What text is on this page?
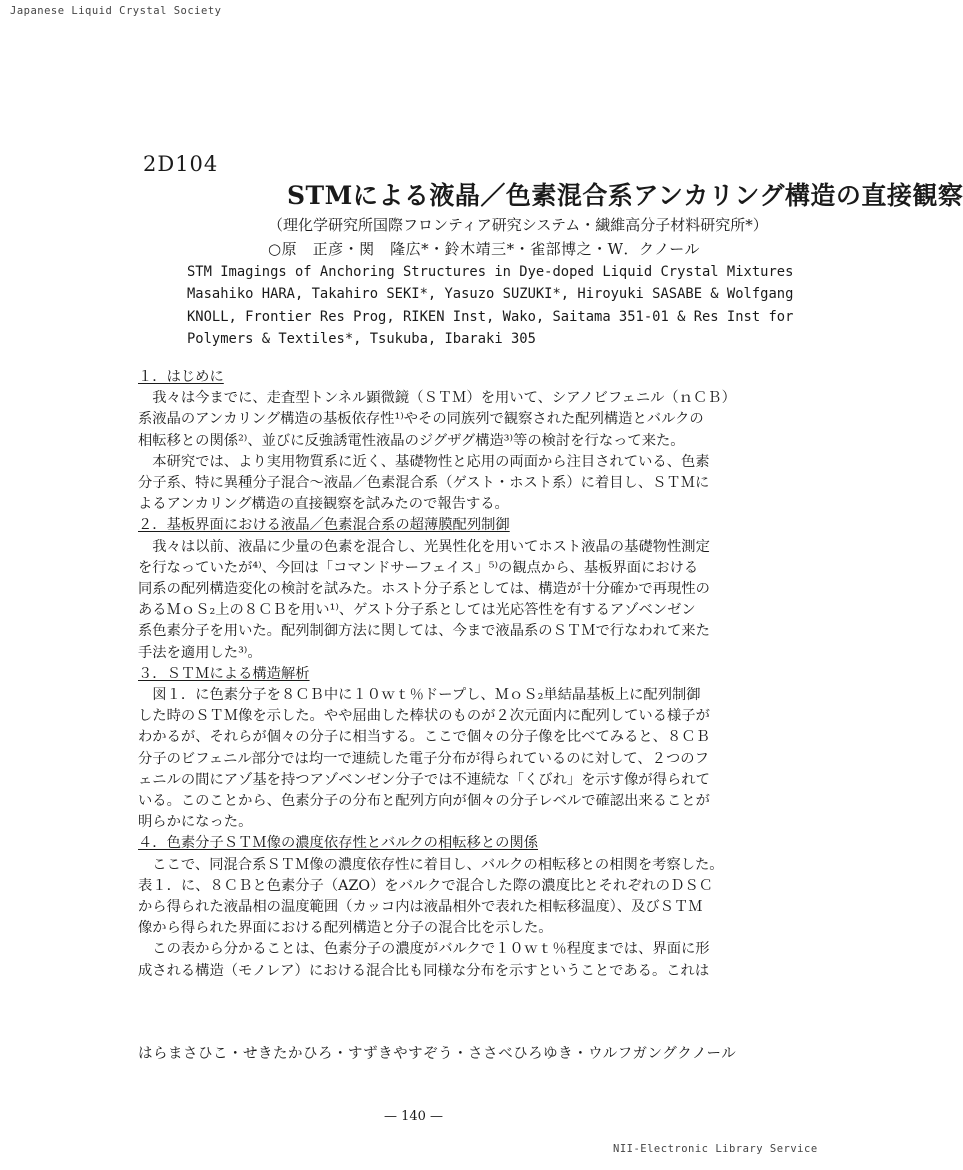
Japanese Liquid Crystal Society
2D104
STMによる液晶／色素混合系アンカリング構造の直接観察
（理化学研究所国際フロンティア研究システム・繊維高分子材料研究所*）
○原　正彦・関　隆広*・鈴木靖三*・雀部博之・W．クノール
STM Imagings of Anchoring Structures in Dye-doped Liquid Crystal Mixtures
Masahiko HARA, Takahiro SEKI*, Yasuzo SUZUKI*, Hiroyuki SASABE & Wolfgang
KNOLL, Frontier Res Prog, RIKEN Inst, Wako, Saitama 351-01 & Res Inst for
Polymers & Textiles*, Tsukuba, Ibaraki 305
１．はじめに
　我々は今までに、走査型トンネル顕微鏡（ＳＴＭ）を用いて、シアノビフェニル（ｎＣＢ）
系液晶のアンカリング構造の基板依存性¹⁾やその同族列で観察された配列構造とバルクの
相転移との関係²⁾、並びに反強誘電性液晶のジグザグ構造³⁾等の検討を行なって来た。
　本研究では、より実用物質系に近く、基礎物性と応用の両面から注目されている、色素
分子系、特に異種分子混合～液晶／色素混合系（ゲスト・ホスト系）に着目し、ＳＴＭに
よるアンカリング構造の直接観察を試みたので報告する。
２．基板界面における液晶／色素混合系の超薄膜配列制御
　我々は以前、液晶に少量の色素を混合し、光異性化を用いてホスト液晶の基礎物性測定
を行なっていたが⁴⁾、今回は「コマンドサーフェイス」⁵⁾の観点から、基板界面における
同系の配列構造変化の検討を試みた。ホスト分子系としては、構造が十分確かで再現性の
あるＭｏＳ₂上の８ＣＢを用い¹⁾、ゲスト分子系としては光応答性を有するアゾベンゼン
系色素分子を用いた。配列制御方法に関しては、今まで液晶系のＳＴＭで行なわれて来た
手法を適用した³⁾。
３．ＳＴＭによる構造解析
　図１．に色素分子を８ＣＢ中に１０ｗｔ％ドープし、ＭｏＳ₂単結晶基板上に配列制御
した時のＳＴＭ像を示した。やや屈曲した棒状のものが２次元面内に配列している様子が
わかるが、それらが個々の分子に相当する。ここで個々の分子像を比べてみると、８ＣＢ
分子のビフェニル部分では均一で連続した電子分布が得られているのに対して、２つのフ
ェニルの間にアゾ基を持つアゾベンゼン分子では不連続な「くびれ」を示す像が得られて
いる。このことから、色素分子の分布と配列方向が個々の分子レベルで確認出来ることが
明らかになった。
４．色素分子ＳＴＭ像の濃度依存性とバルクの相転移との関係
　ここで、同混合系ＳＴＭ像の濃度依存性に着目し、バルクの相転移との相関を考察した。
表１．に、８ＣＢと色素分子（AZO）をバルクで混合した際の濃度比とそれぞれのＤＳＣ
から得られた液晶相の温度範囲（カッコ内は液晶相外で表れた相転移温度）、及びＳＴＭ
像から得られた界面における配列構造と分子の混合比を示した。
　この表から分かることは、色素分子の濃度がバルクで１０ｗｔ％程度までは、界面に形
成される構造（モノレア）における混合比も同様な分布を示すということである。これは
はらまさひこ・せきたかひろ・すずきやすぞう・ささべひろゆき・ウルフガングクノール
— 140 —
NII-Electronic Library Service
